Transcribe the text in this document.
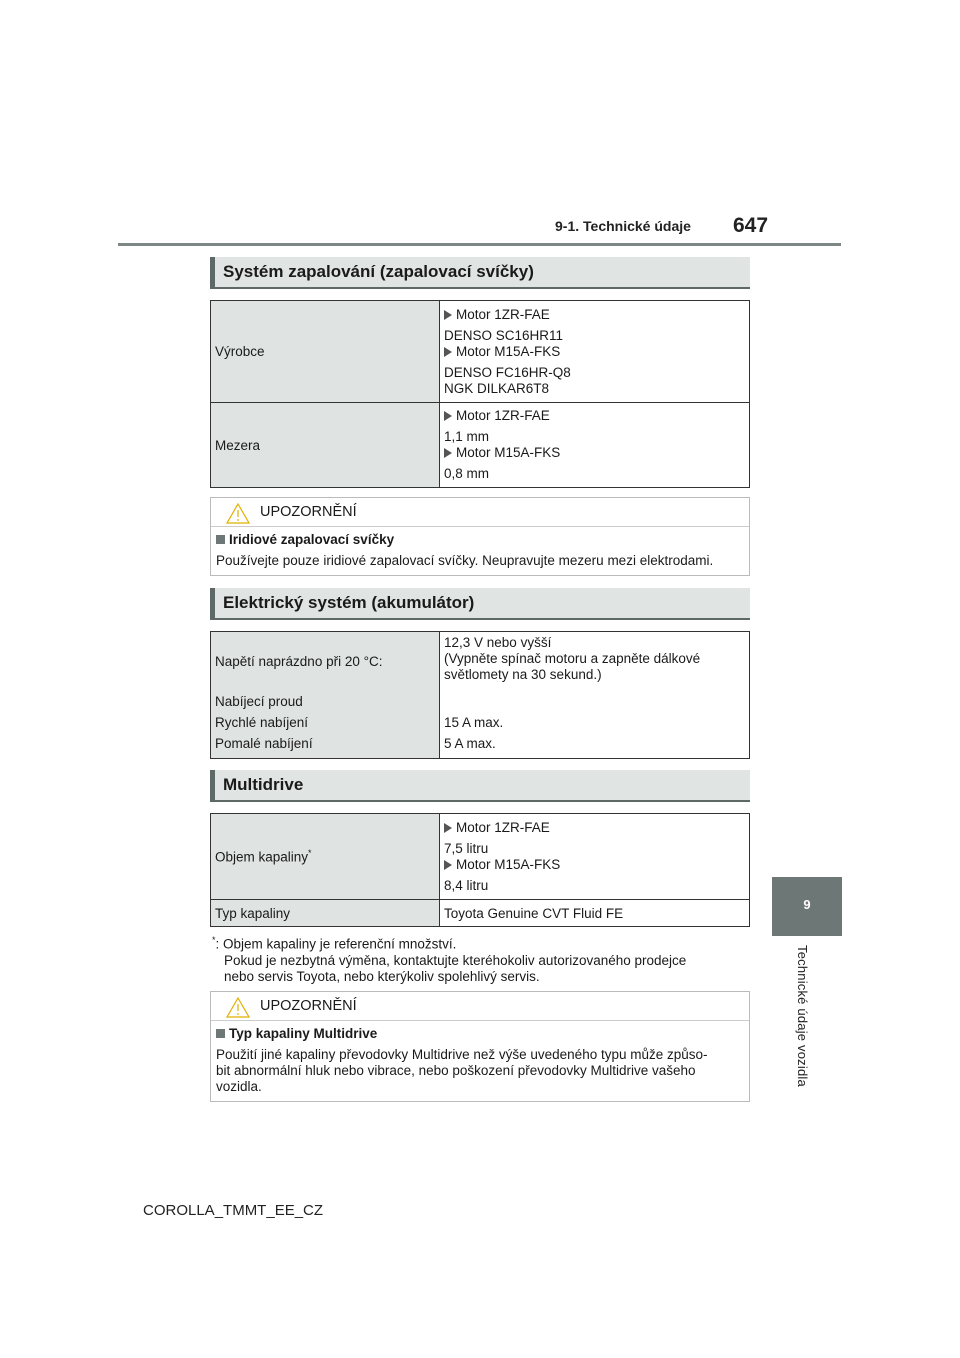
9-1. Technické údaje 647
9
Technické údaje vozidla
Systém zapalování (zapalovací svíčky)
Výrobce	Motor 1ZR-FAE
DENSO SC16HR11
Motor M15A-FKS
DENSO FC16HR-Q8
NGK DILKAR6T8

Mezera	Motor 1ZR-FAE
1,1 mm
Motor M15A-FKS
0,8 mm
UPOZORNĚNÍ
Iridiové zapalovací svíčky
Používejte pouze iridiové zapalovací svíčky. Neupravujte mezeru mezi elektrodami.
Elektrický systém (akumulátor)
Napětí naprázdno při 20 °C:	12,3 V nebo vyšší
(Vypněte spínač motoru a zapněte dálkové světlomety na 30 sekund.)

Nabíjecí proud	
Rychlé nabíjení	15 A max.
Pomalé nabíjení	5 A max.
Multidrive
Objem kapaliny*	Motor 1ZR-FAE
7,5 litru
Motor M15A-FKS
8,4 litru

Typ kapaliny	Toyota Genuine CVT Fluid FE
*: Objem kapaliny je referenční množství.
Pokud je nezbytná výměna, kontaktujte kteréhokoliv autorizovaného prodejce
nebo servis Toyota, nebo kterýkoliv spolehlivý servis.
UPOZORNĚNÍ
Typ kapaliny Multidrive
Použití jiné kapaliny převodovky Multidrive než výše uvedeného typu může způso-
bit abnormální hluk nebo vibrace, nebo poškození převodovky Multidrive vašeho
vozidla.
COROLLA_TMMT_EE_CZ
